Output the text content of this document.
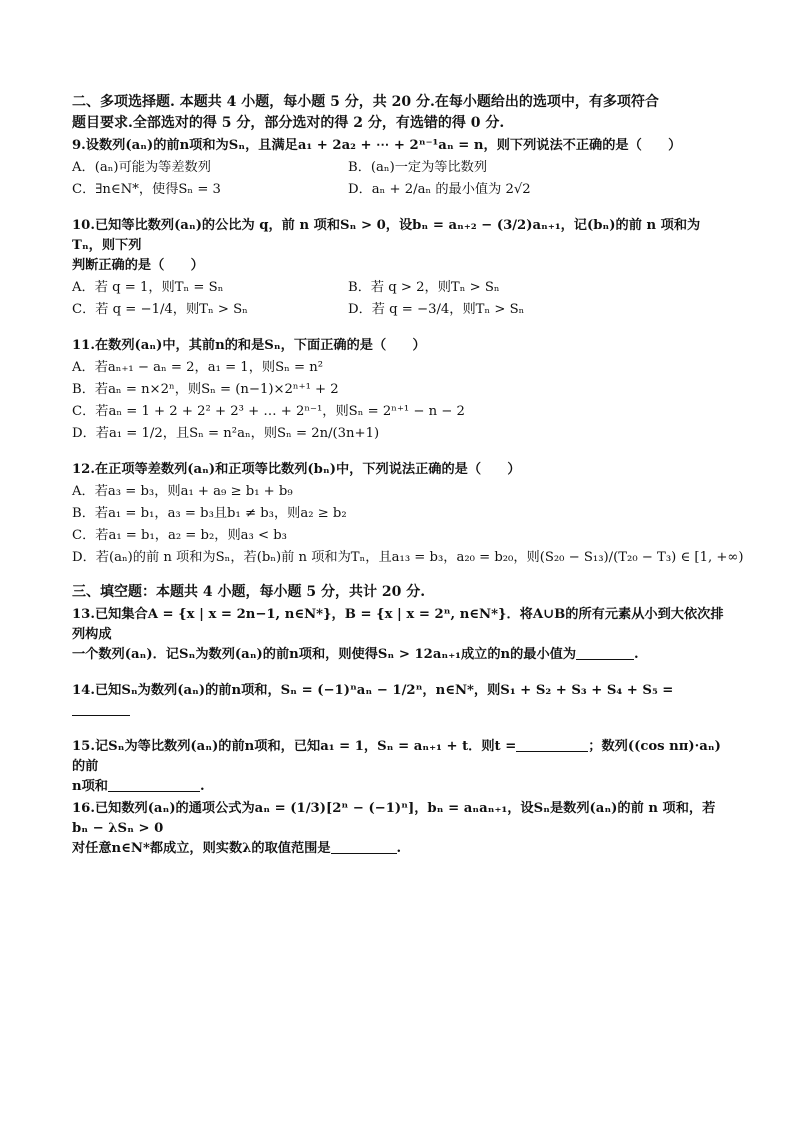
二、多项选择题. 本题共 4 小题，每小题 5 分，共 20 分.在每小题给出的选项中，有多项符合
题目要求.全部选对的得 5 分，部分选对的得 2 分，有选错的得 0 分.
9.设数列(aₙ)的前n项和为Sₙ，且满足a₁ + 2a₂ + ⋯ + 2ⁿ⁻¹aₙ = n，则下列说法不正确的是（　　）
A．(aₙ)可能为等差数列	B．(aₙ)一定为等比数列
C．∃n∈N*，使得Sₙ = 3	D．aₙ + 2/aₙ 的最小值为 2√2
10.已知等比数列(aₙ)的公比为 q，前 n 项和Sₙ > 0，设bₙ = aₙ₊₂ − (3/2)aₙ₊₁，记(bₙ)的前 n 项和为Tₙ，则下列
判断正确的是（　　）
A．若 q = 1，则Tₙ = Sₙ	B．若 q > 2，则Tₙ > Sₙ
C．若 q = −1/4，则Tₙ > Sₙ	D．若 q = −3/4，则Tₙ > Sₙ
11.在数列(aₙ)中，其前n的和是Sₙ，下面正确的是（　　）
A．若aₙ₊₁ − aₙ = 2，a₁ = 1，则Sₙ = n²
B．若aₙ = n×2ⁿ，则Sₙ = (n−1)×2ⁿ⁺¹ + 2
C．若aₙ = 1 + 2 + 2² + 2³ + … + 2ⁿ⁻¹，则Sₙ = 2ⁿ⁺¹ − n − 2
D．若a₁ = 1/2，且Sₙ = n²aₙ，则Sₙ = 2n/(3n+1)
12.在正项等差数列(aₙ)和正项等比数列(bₙ)中，下列说法正确的是（　　）
A．若a₃ = b₃，则a₁ + a₉ ≥ b₁ + b₉
B．若a₁ = b₁，a₃ = b₃且b₁ ≠ b₃，则a₂ ≥ b₂
C．若a₁ = b₁，a₂ = b₂，则a₃ < b₃
D．若(aₙ)的前 n 项和为Sₙ，若(bₙ)前 n 项和为Tₙ，且a₁₃ = b₃，a₂₀ = b₂₀，则(S₂₀ − S₁₃)/(T₂₀ − T₃) ∈ [1, +∞)
三、填空题：本题共 4 小题，每小题 5 分，共计 20 分.
13.已知集合A = {x | x = 2n−1, n∈N*}，B = {x | x = 2ⁿ, n∈N*}．将A∪B的所有元素从小到大依次排列构成
一个数列(aₙ)．记Sₙ为数列(aₙ)的前n项和，则使得Sₙ > 12aₙ₊₁成立的n的最小值为	.
14.已知Sₙ为数列(aₙ)的前n项和，Sₙ = (−1)ⁿaₙ − 1/2ⁿ，n∈N*，则S₁ + S₂ + S₃ + S₄ + S₅ =
15.记Sₙ为等比数列(aₙ)的前n项和，已知a₁ = 1，Sₙ = aₙ₊₁ + t．则t =	；数列((cos nπ)·aₙ)的前
n项和	.
16.已知数列(aₙ)的通项公式为aₙ = (1/3)[2ⁿ − (−1)ⁿ]，bₙ = aₙaₙ₊₁，设Sₙ是数列(aₙ)的前 n 项和，若bₙ − λSₙ > 0
对任意n∈N*都成立，则实数λ的取值范围是	.
